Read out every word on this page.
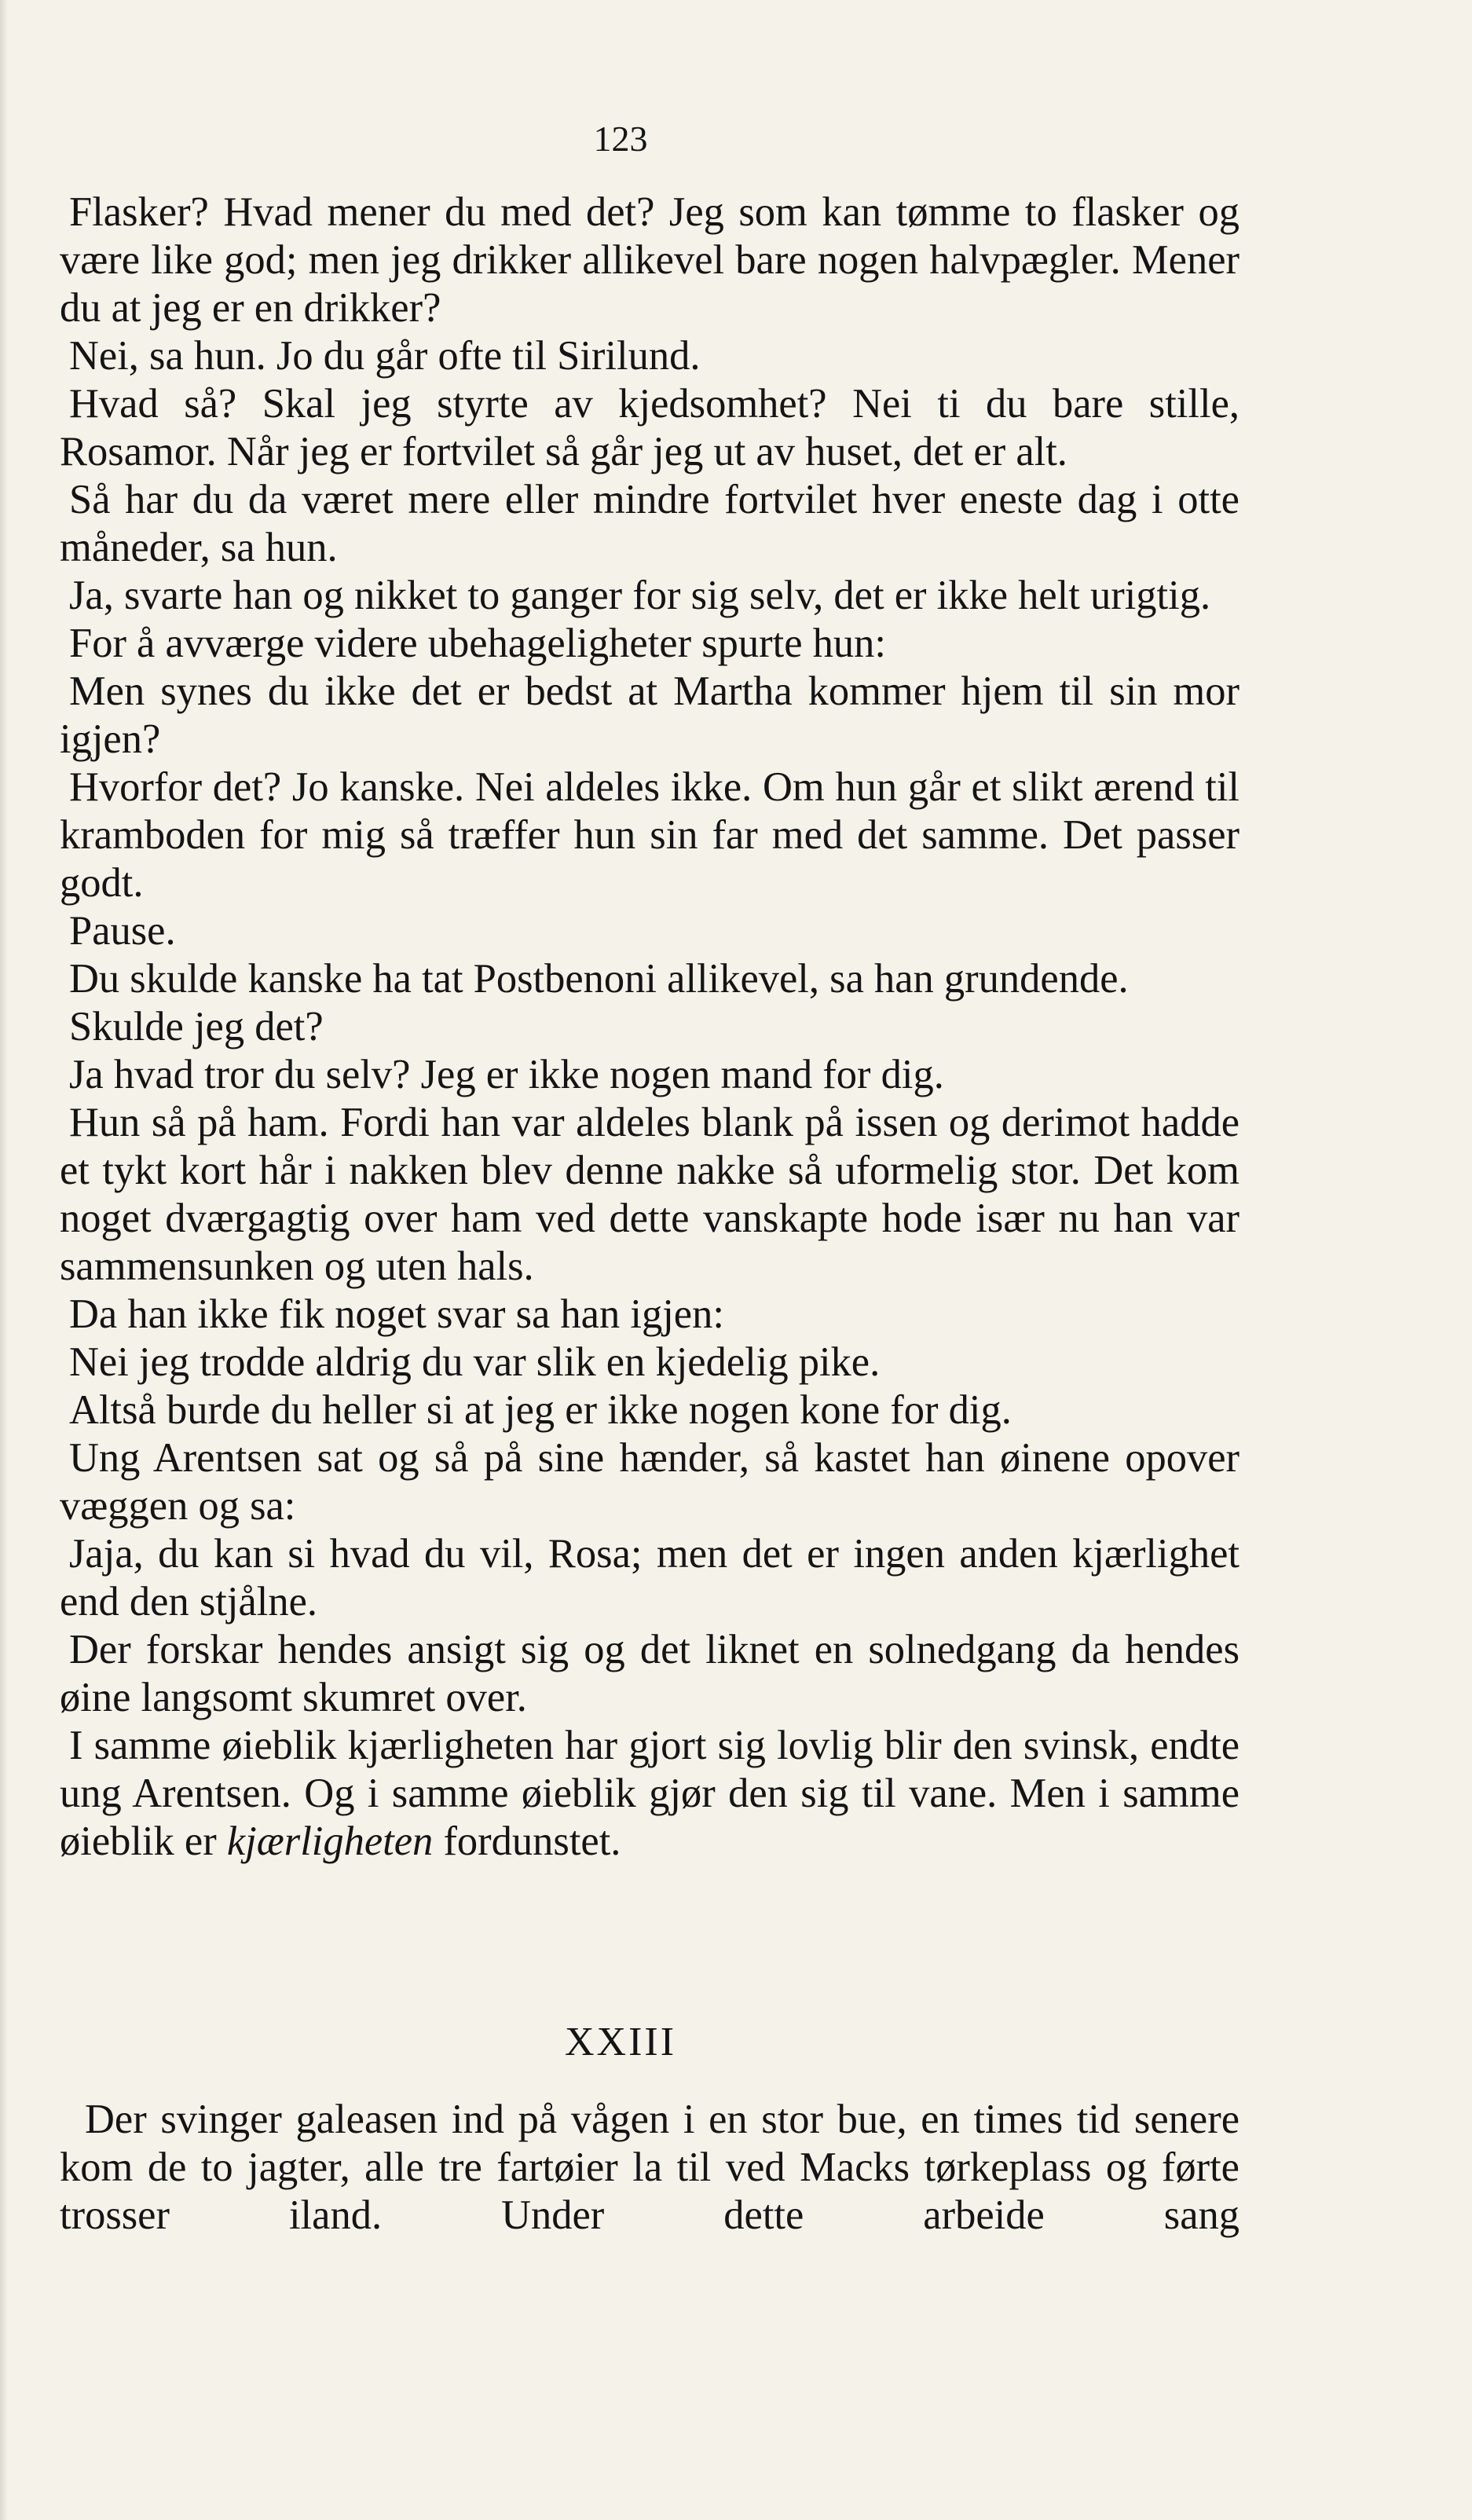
123

Flasker? Hvad mener du med det? Jeg som kan tømme to flasker og være like god; men jeg drikker allikevel bare nogen halvpægler. Mener du at jeg er en drikker?

Nei, sa hun. Jo du går ofte til Sirilund.

Hvad så? Skal jeg styrte av kjedsomhet? Nei ti du bare stille, Rosamor. Når jeg er fortvilet så går jeg ut av huset, det er alt.

Så har du da været mere eller mindre fortvilet hver eneste dag i otte måneder, sa hun.

Ja, svarte han og nikket to ganger for sig selv, det er ikke helt urigtig.

For å avværge videre ubehageligheter spurte hun:

Men synes du ikke det er bedst at Martha kommer hjem til sin mor igjen?

Hvorfor det? Jo kanske. Nei aldeles ikke. Om hun går et slikt ærend til kramboden for mig så træffer hun sin far med det samme. Det passer godt.

Pause.

Du skulde kanske ha tat Postbenoni allikevel, sa han grundende.

Skulde jeg det?

Ja hvad tror du selv? Jeg er ikke nogen mand for dig.

Hun så på ham. Fordi han var aldeles blank på issen og derimot hadde et tykt kort hår i nakken blev denne nakke så uformelig stor. Det kom noget dværgagtig over ham ved dette vanskapte hode især nu han var sammensunken og uten hals.

Da han ikke fik noget svar sa han igjen:

Nei jeg trodde aldrig du var slik en kjedelig pike.

Altså burde du heller si at jeg er ikke nogen kone for dig.

Ung Arentsen sat og så på sine hænder, så kastet han øinene opover væggen og sa:

Jaja, du kan si hvad du vil, Rosa; men det er ingen anden kjærlighet end den stjålne.

Der forskar hendes ansigt sig og det liknet en solnedgang da hendes øine langsomt skumret over.

I samme øieblik kjærligheten har gjort sig lovlig blir den svinsk, endte ung Arentsen. Og i samme øieblik gjør den sig til vane. Men i samme øieblik er kjærligheten fordunstet.

XXIII

Der svinger galeasen ind på vågen i en stor bue, en times tid senere kom de to jagter, alle tre fartøier la til ved Macks tørkeplass og førte trosser iland. Under dette arbeide sang
